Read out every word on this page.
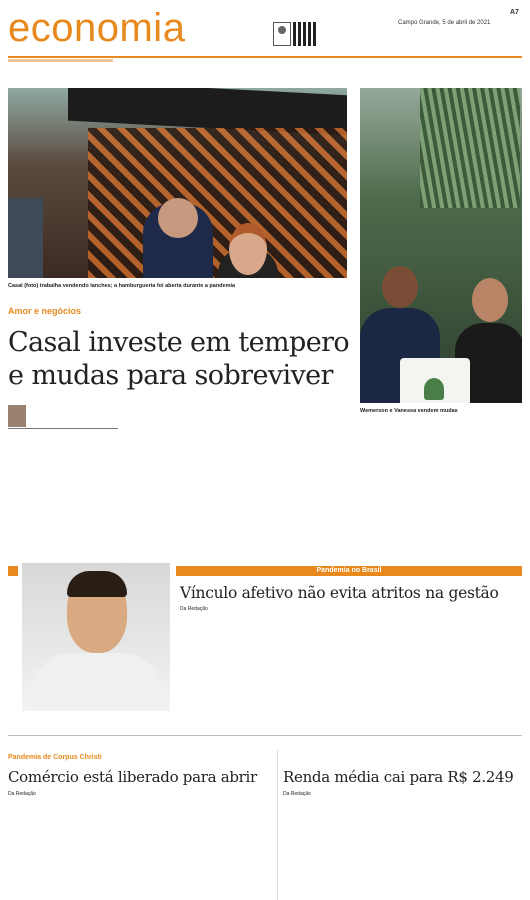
economia	Campo Grande, 5 de abril de 2021
A7
Casal (foto) trabalha vendendo lanches; a hamburgueria foi aberta durante a pandemia
Wemerson e Vanessa vendem mudas
Amor e negócios
Casal investe em tempero e mudas para sobreviver
Pandemia no Brasil
Vínculo afetivo não evita atritos na gestão
Da Redação
Pandemia de Corpus Christi
Comércio está liberado para abrir
Da Redação
Renda média cai para R$ 2.249
Da Redação
